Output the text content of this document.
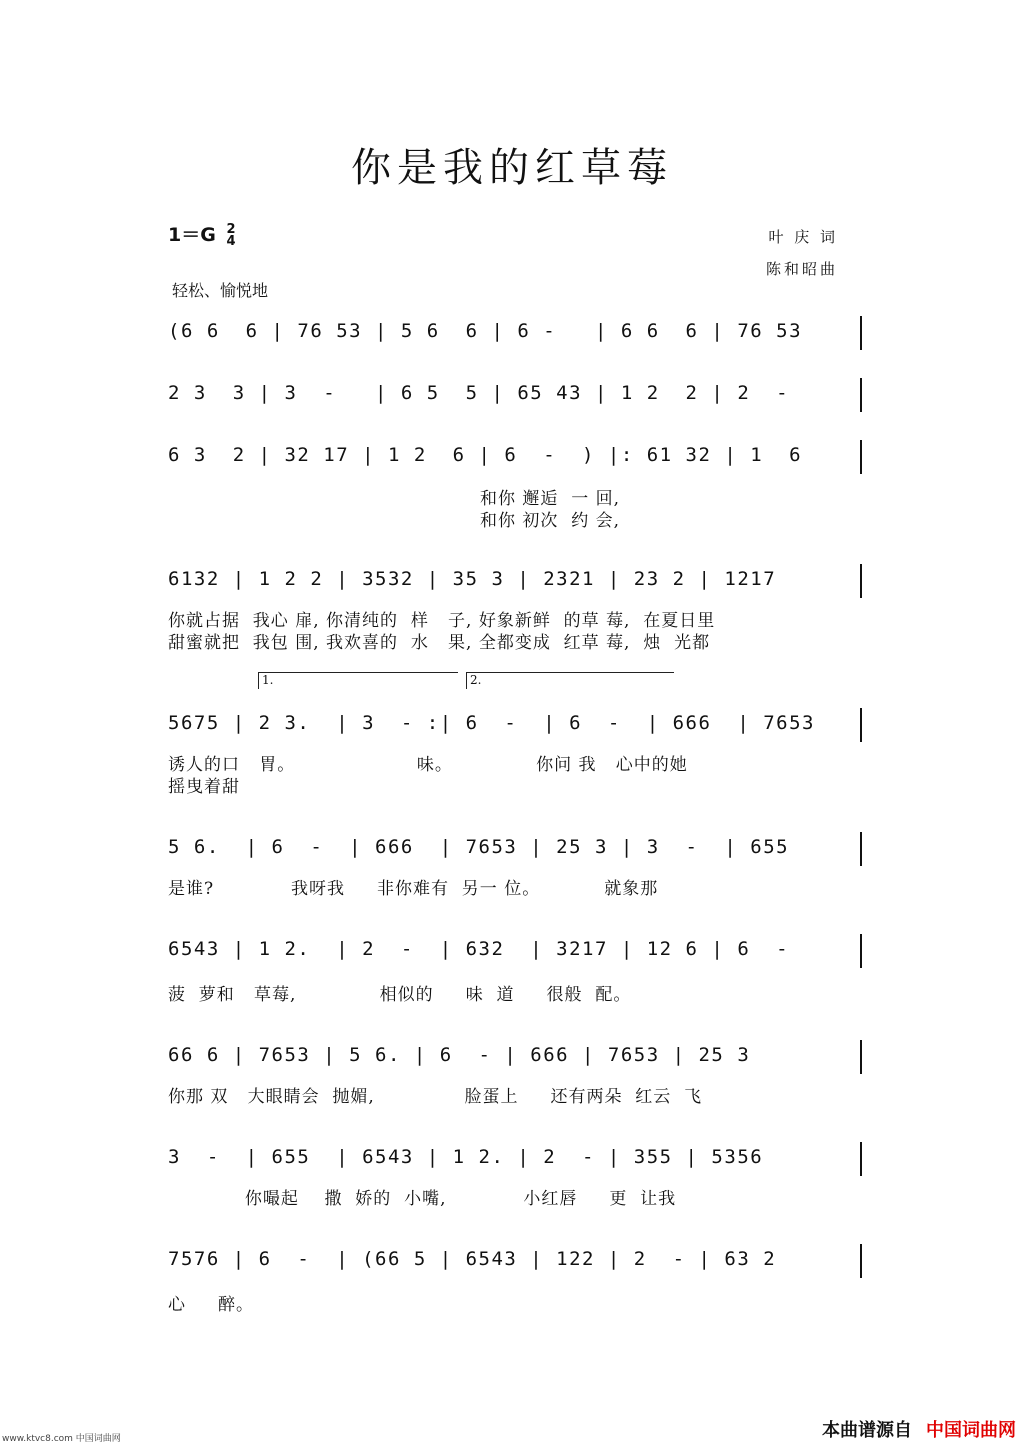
你是我的红草莓
1＝G 2
4	叶 庆 词
陈和昭曲
轻松、愉悦地
(6 6  6 | 76 53 | 5 6  6 | 6 -   | 6 6  6 | 76 53
2 3  3 | 3  -   | 6 5  5 | 65 43 | 1 2  2 | 2  -
6 3  2 | 32 17 | 1 2  6 | 6  -  ) |: 61 32 | 1  6
和你 邂逅  一 回,
和你 初次  约 会,
6132 | 1 2 2 | 3532 | 35 3 | 2321 | 23 2 | 1217
你就占据  我心 扉, 你清纯的  样   子, 好象新鲜  的草 莓,  在夏日里
甜蜜就把  我包 围, 我欢喜的  水   果, 全都变成  红草 莓,  烛  光都
1.	2.
5675 | 2 3.  | 3  - :| 6  -  | 6  -  | 666  | 7653
诱人的口   胃。                   味。             你问 我   心中的她
摇曳着甜
5 6.  | 6  -  | 666  | 7653 | 25 3 | 3  -  | 655
是谁?            我呀我     非你难有  另一 位。          就象那
6543 | 1 2.  | 2  -  | 632  | 3217 | 12 6 | 6  -
菠  萝和   草莓,             相似的     味  道     很般  配。
66 6 | 7653 | 5 6. | 6  - | 666 | 7653 | 25 3
你那 双   大眼睛会  抛媚,              脸蛋上     还有两朵  红云  飞
3  -  | 655  | 6543 | 1 2. | 2  - | 355 | 5356
你嘬起    撒  娇的  小嘴,            小红唇     更  让我
7576 | 6  -  | (66 5 | 6543 | 122 | 2  - | 63 2
心     醉。
www.ktvc8.com 中国词曲网	本曲谱源自 中国词曲网
